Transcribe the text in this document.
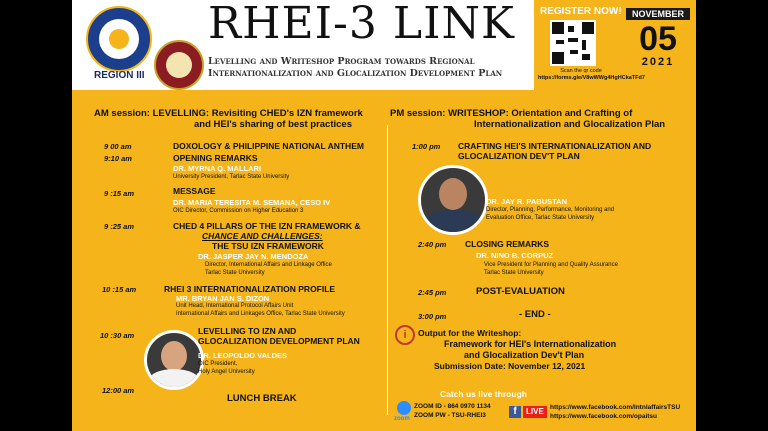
REGION III
RHEI-3 LINK
Levelling and Writeshop Program towards Regional
Internationalization and Glocalization Development Plan
REGISTER NOW!
Scan the qr code
https://forms.gle/V8wWWg4HgHCkaTFd7
NOVEMBER
05
2021
AM session: LEVELLING: Revisiting CHED's IZN framework
and HEI's sharing of best practices
9 00 am	DOXOLOGY & PHILIPPINE NATIONAL ANTHEM
9:10 am	OPENING REMARKS
DR. MYRNA Q. MALLARI
University President, Tarlac State University
9 :15 am	MESSAGE
DR. MARIA TERESITA M. SEMANA, CESO IV
OIC Director, Commission on Higher Education 3
9 :25 am	CHED 4 PILLARS OF THE IZN FRAMEWORK &
CHANCE AND CHALLENGES:
THE TSU IZN FRAMEWORK
DR. JASPER JAY N. MENDOZA
Director, International Affairs and Linkage Office
Tarlac State University
10 :15 am	RHEI 3 INTERNATIONALIZATION PROFILE
MR. BRYAN JAN S. DIZON
Unit Head, International Protocol Affairs Unit
International Affairs and Linkages Office, Tarlac State University
10 :30 am	LEVELLING TO IZN AND
GLOCALIZATION DEVELOPMENT PLAN
DR. LEOPOLDO VALDES
OIC President,
Holy Angel University
12:00 am
LUNCH BREAK
PM session: WRITESHOP: Orientation and Crafting of
Internationalization and Glocalization Plan
1:00 pm CRAFTING HEI'S INTERNATIONALIZATION AND
GLOCALIZATION DEV'T PLAN
DR. JAY R. PABUSTAN
Director, Planning, Performance, Monitoring and
Evaluation Office, Tarlac State University
2:40 pm CLOSING REMARKS
DR. NINO B. CORPUZ
Vice President for Planning and Quality Assurance
Tarlac State University
2:45 pm	POST-EVALUATION
3:00 pm	- END -
i	Output for the Writeshop:
Framework for HEI's Internationalization
and Glocalization Dev't Plan
Submission Date: November 12, 2021
Catch us live through
zoom
ZOOM ID - 864 0970 1134
ZOOM PW - TSU-RHEI3	f	LIVE https://www.facebook.com/IntnlaffairsTSU
https://www.facebook.com/opaitsu
